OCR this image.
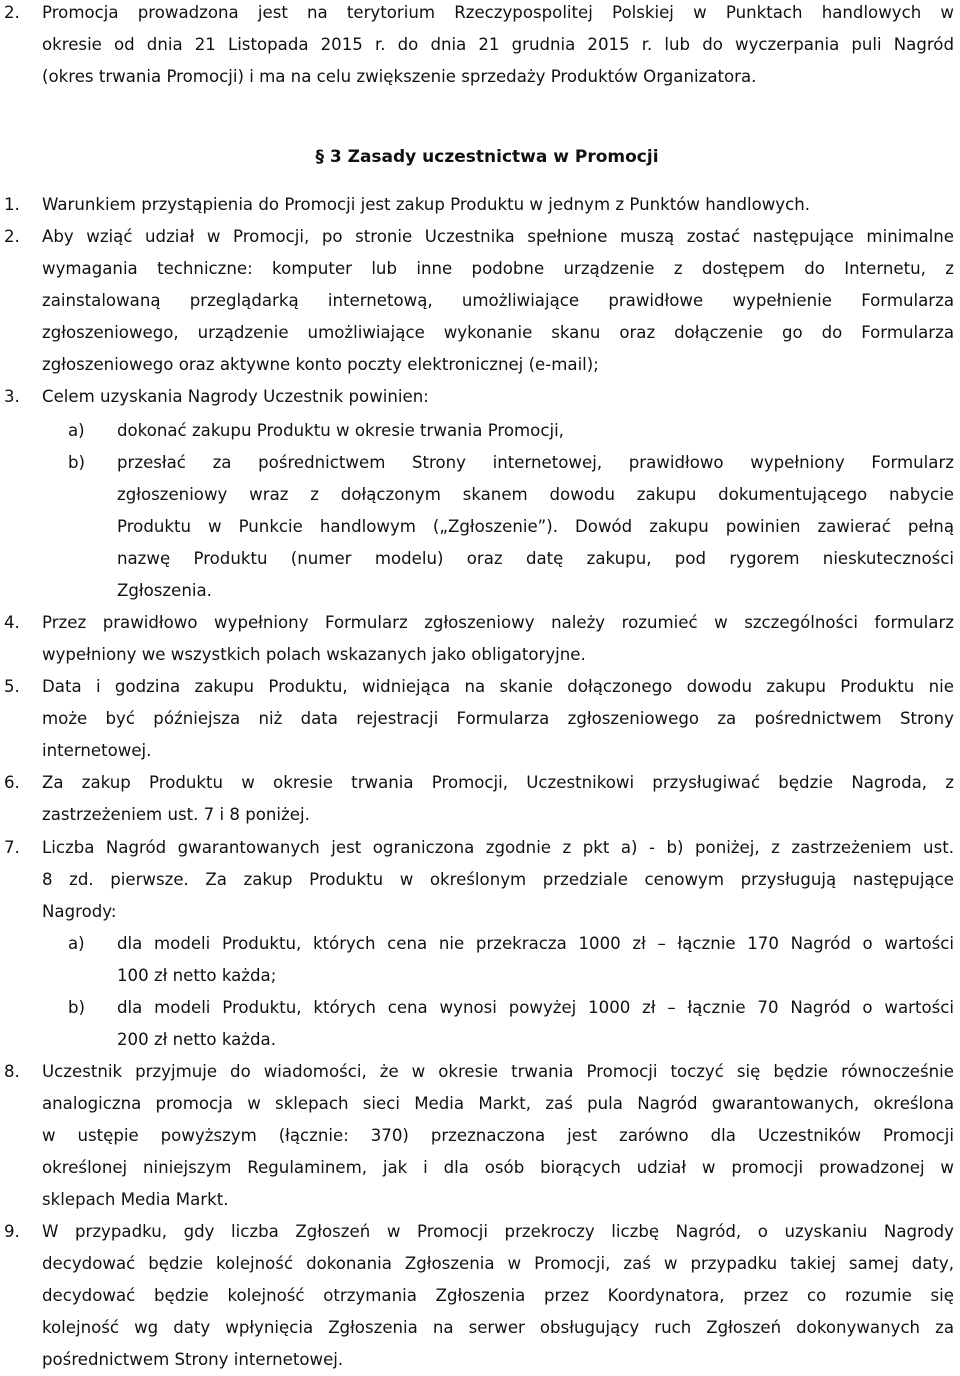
2. Promocja prowadzona jest na terytorium Rzeczypospolitej Polskiej w Punktach handlowych w
okresie od dnia 21 Listopada 2015 r. do dnia 21 grudnia 2015 r. lub do wyczerpania puli Nagród
(okres trwania Promocji) i ma na celu zwiększenie sprzedaży Produktów Organizatora.
§ 3 Zasady uczestnictwa w Promocji
1. Warunkiem przystąpienia do Promocji jest zakup Produktu w jednym z Punktów handlowych.
2. Aby wziąć udział w Promocji, po stronie Uczestnika spełnione muszą zostać następujące minimalne
wymagania techniczne: komputer lub inne podobne urządzenie z dostępem do Internetu, z
zainstalowaną przeglądarką internetową, umożliwiające prawidłowe wypełnienie Formularza
zgłoszeniowego, urządzenie umożliwiające wykonanie skanu oraz dołączenie go do Formularza
zgłoszeniowego oraz aktywne konto poczty elektronicznej (e-mail);
3. Celem uzyskania Nagrody Uczestnik powinien:
a) dokonać zakupu Produktu w okresie trwania Promocji,
b) przesłać za pośrednictwem Strony internetowej, prawidłowo wypełniony Formularz
zgłoszeniowy wraz z dołączonym skanem dowodu zakupu dokumentującego nabycie
Produktu w Punkcie handlowym („Zgłoszenie”). Dowód zakupu powinien zawierać pełną
nazwę Produktu (numer modelu) oraz datę zakupu, pod rygorem nieskuteczności
Zgłoszenia.
4. Przez prawidłowo wypełniony Formularz zgłoszeniowy należy rozumieć w szczególności formularz
wypełniony we wszystkich polach wskazanych jako obligatoryjne.
5. Data i godzina zakupu Produktu, widniejąca na skanie dołączonego dowodu zakupu Produktu nie
może być późniejsza niż data rejestracji Formularza zgłoszeniowego za pośrednictwem Strony
internetowej.
6. Za zakup Produktu w okresie trwania Promocji, Uczestnikowi przysługiwać będzie Nagroda, z
zastrzeżeniem ust. 7 i 8 poniżej.
7. Liczba Nagród gwarantowanych jest ograniczona zgodnie z pkt a) - b) poniżej, z zastrzeżeniem ust.
8 zd. pierwsze. Za zakup Produktu w określonym przedziale cenowym przysługują następujące
Nagrody:
a) dla modeli Produktu, których cena nie przekracza 1000 zł – łącznie 170 Nagród o wartości
100 zł netto każda;
b) dla modeli Produktu, których cena wynosi powyżej 1000 zł – łącznie 70 Nagród o wartości
200 zł netto każda.
8. Uczestnik przyjmuje do wiadomości, że w okresie trwania Promocji toczyć się będzie równocześnie
analogiczna promocja w sklepach sieci Media Markt, zaś pula Nagród gwarantowanych, określona
w ustępie powyższym (łącznie: 370) przeznaczona jest zarówno dla Uczestników Promocji
określonej niniejszym Regulaminem, jak i dla osób biorących udział w promocji prowadzonej w
sklepach Media Markt.
9. W przypadku, gdy liczba Zgłoszeń w Promocji przekroczy liczbę Nagród, o uzyskaniu Nagrody
decydować będzie kolejność dokonania Zgłoszenia w Promocji, zaś w przypadku takiej samej daty,
decydować będzie kolejność otrzymania Zgłoszenia przez Koordynatora, przez co rozumie się
kolejność wg daty wpłynięcia Zgłoszenia na serwer obsługujący ruch Zgłoszeń dokonywanych za
pośrednictwem Strony internetowej.
